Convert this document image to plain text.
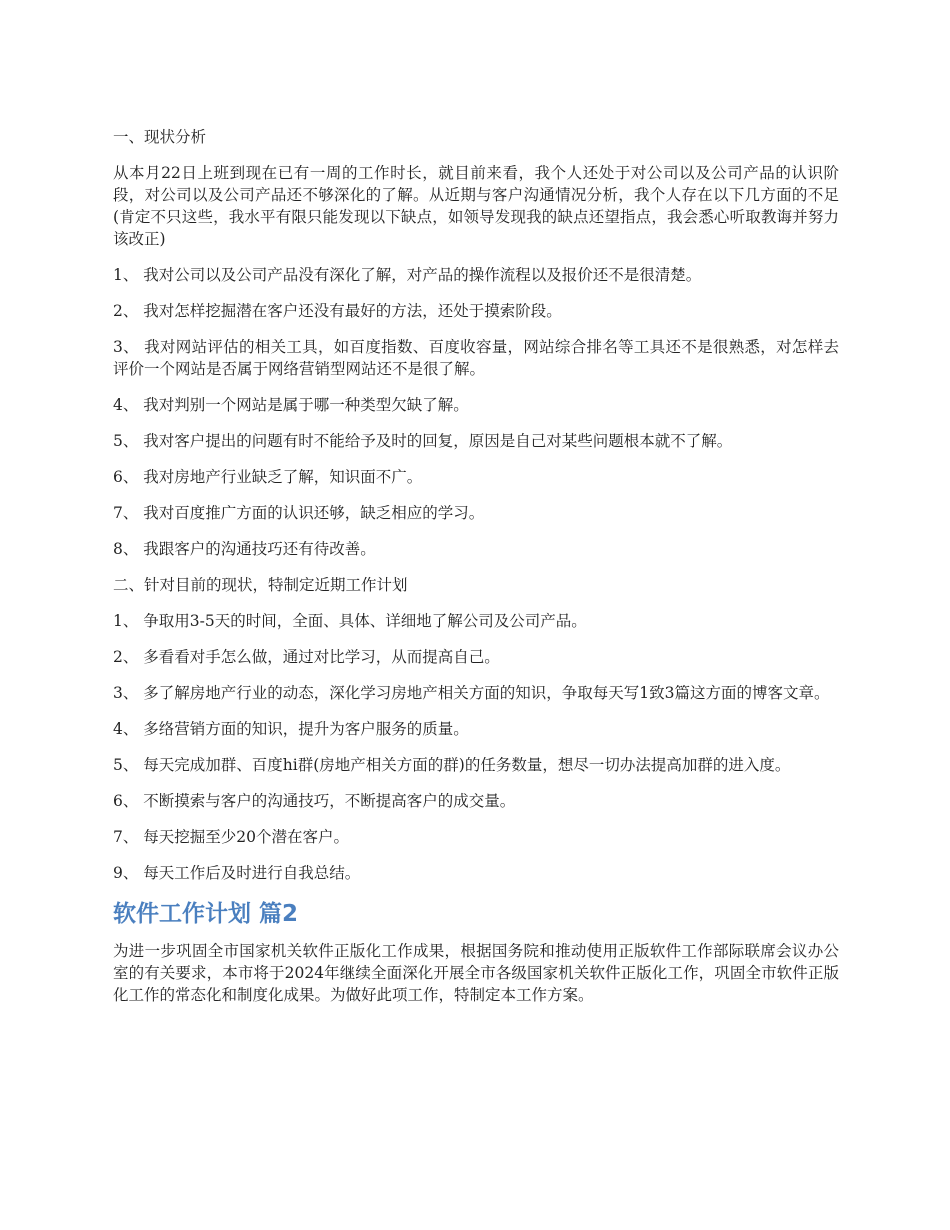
一、现状分析

从本月22日上班到现在已有一周的工作时长，就目前来看，我个人还处于对公司以及公司产品的认识阶段，对公司以及公司产品还不够深化的了解。从近期与客户沟通情况分析，我个人存在以下几方面的不足(肯定不只这些，我水平有限只能发现以下缺点，如领导发现我的缺点还望指点，我会悉心听取教诲并努力该改正)

1、 我对公司以及公司产品没有深化了解，对产品的操作流程以及报价还不是很清楚。

2、 我对怎样挖掘潜在客户还没有最好的方法，还处于摸索阶段。

3、 我对网站评估的相关工具，如百度指数、百度收容量，网站综合排名等工具还不是很熟悉，对怎样去评价一个网站是否属于网络营销型网站还不是很了解。

4、 我对判别一个网站是属于哪一种类型欠缺了解。

5、 我对客户提出的问题有时不能给予及时的回复，原因是自己对某些问题根本就不了解。

6、 我对房地产行业缺乏了解，知识面不广。

7、 我对百度推广方面的认识还够，缺乏相应的学习。

8、 我跟客户的沟通技巧还有待改善。

二、针对目前的现状，特制定近期工作计划

1、 争取用3-5天的时间，全面、具体、详细地了解公司及公司产品。

2、 多看看对手怎么做，通过对比学习，从而提高自己。

3、 多了解房地产行业的动态，深化学习房地产相关方面的知识，争取每天写1致3篇这方面的博客文章。

4、 多络营销方面的知识，提升为客户服务的质量。

5、 每天完成加群、百度hi群(房地产相关方面的群)的任务数量，想尽一切办法提高加群的进入度。

6、 不断摸索与客户的沟通技巧，不断提高客户的成交量。

7、 每天挖掘至少20个潜在客户。

9、 每天工作后及时进行自我总结。

软件工作计划 篇2

为进一步巩固全市国家机关软件正版化工作成果，根据国务院和推动使用正版软件工作部际联席会议办公室的有关要求，本市将于2024年继续全面深化开展全市各级国家机关软件正版化工作，巩固全市软件正版化工作的常态化和制度化成果。为做好此项工作，特制定本工作方案。
